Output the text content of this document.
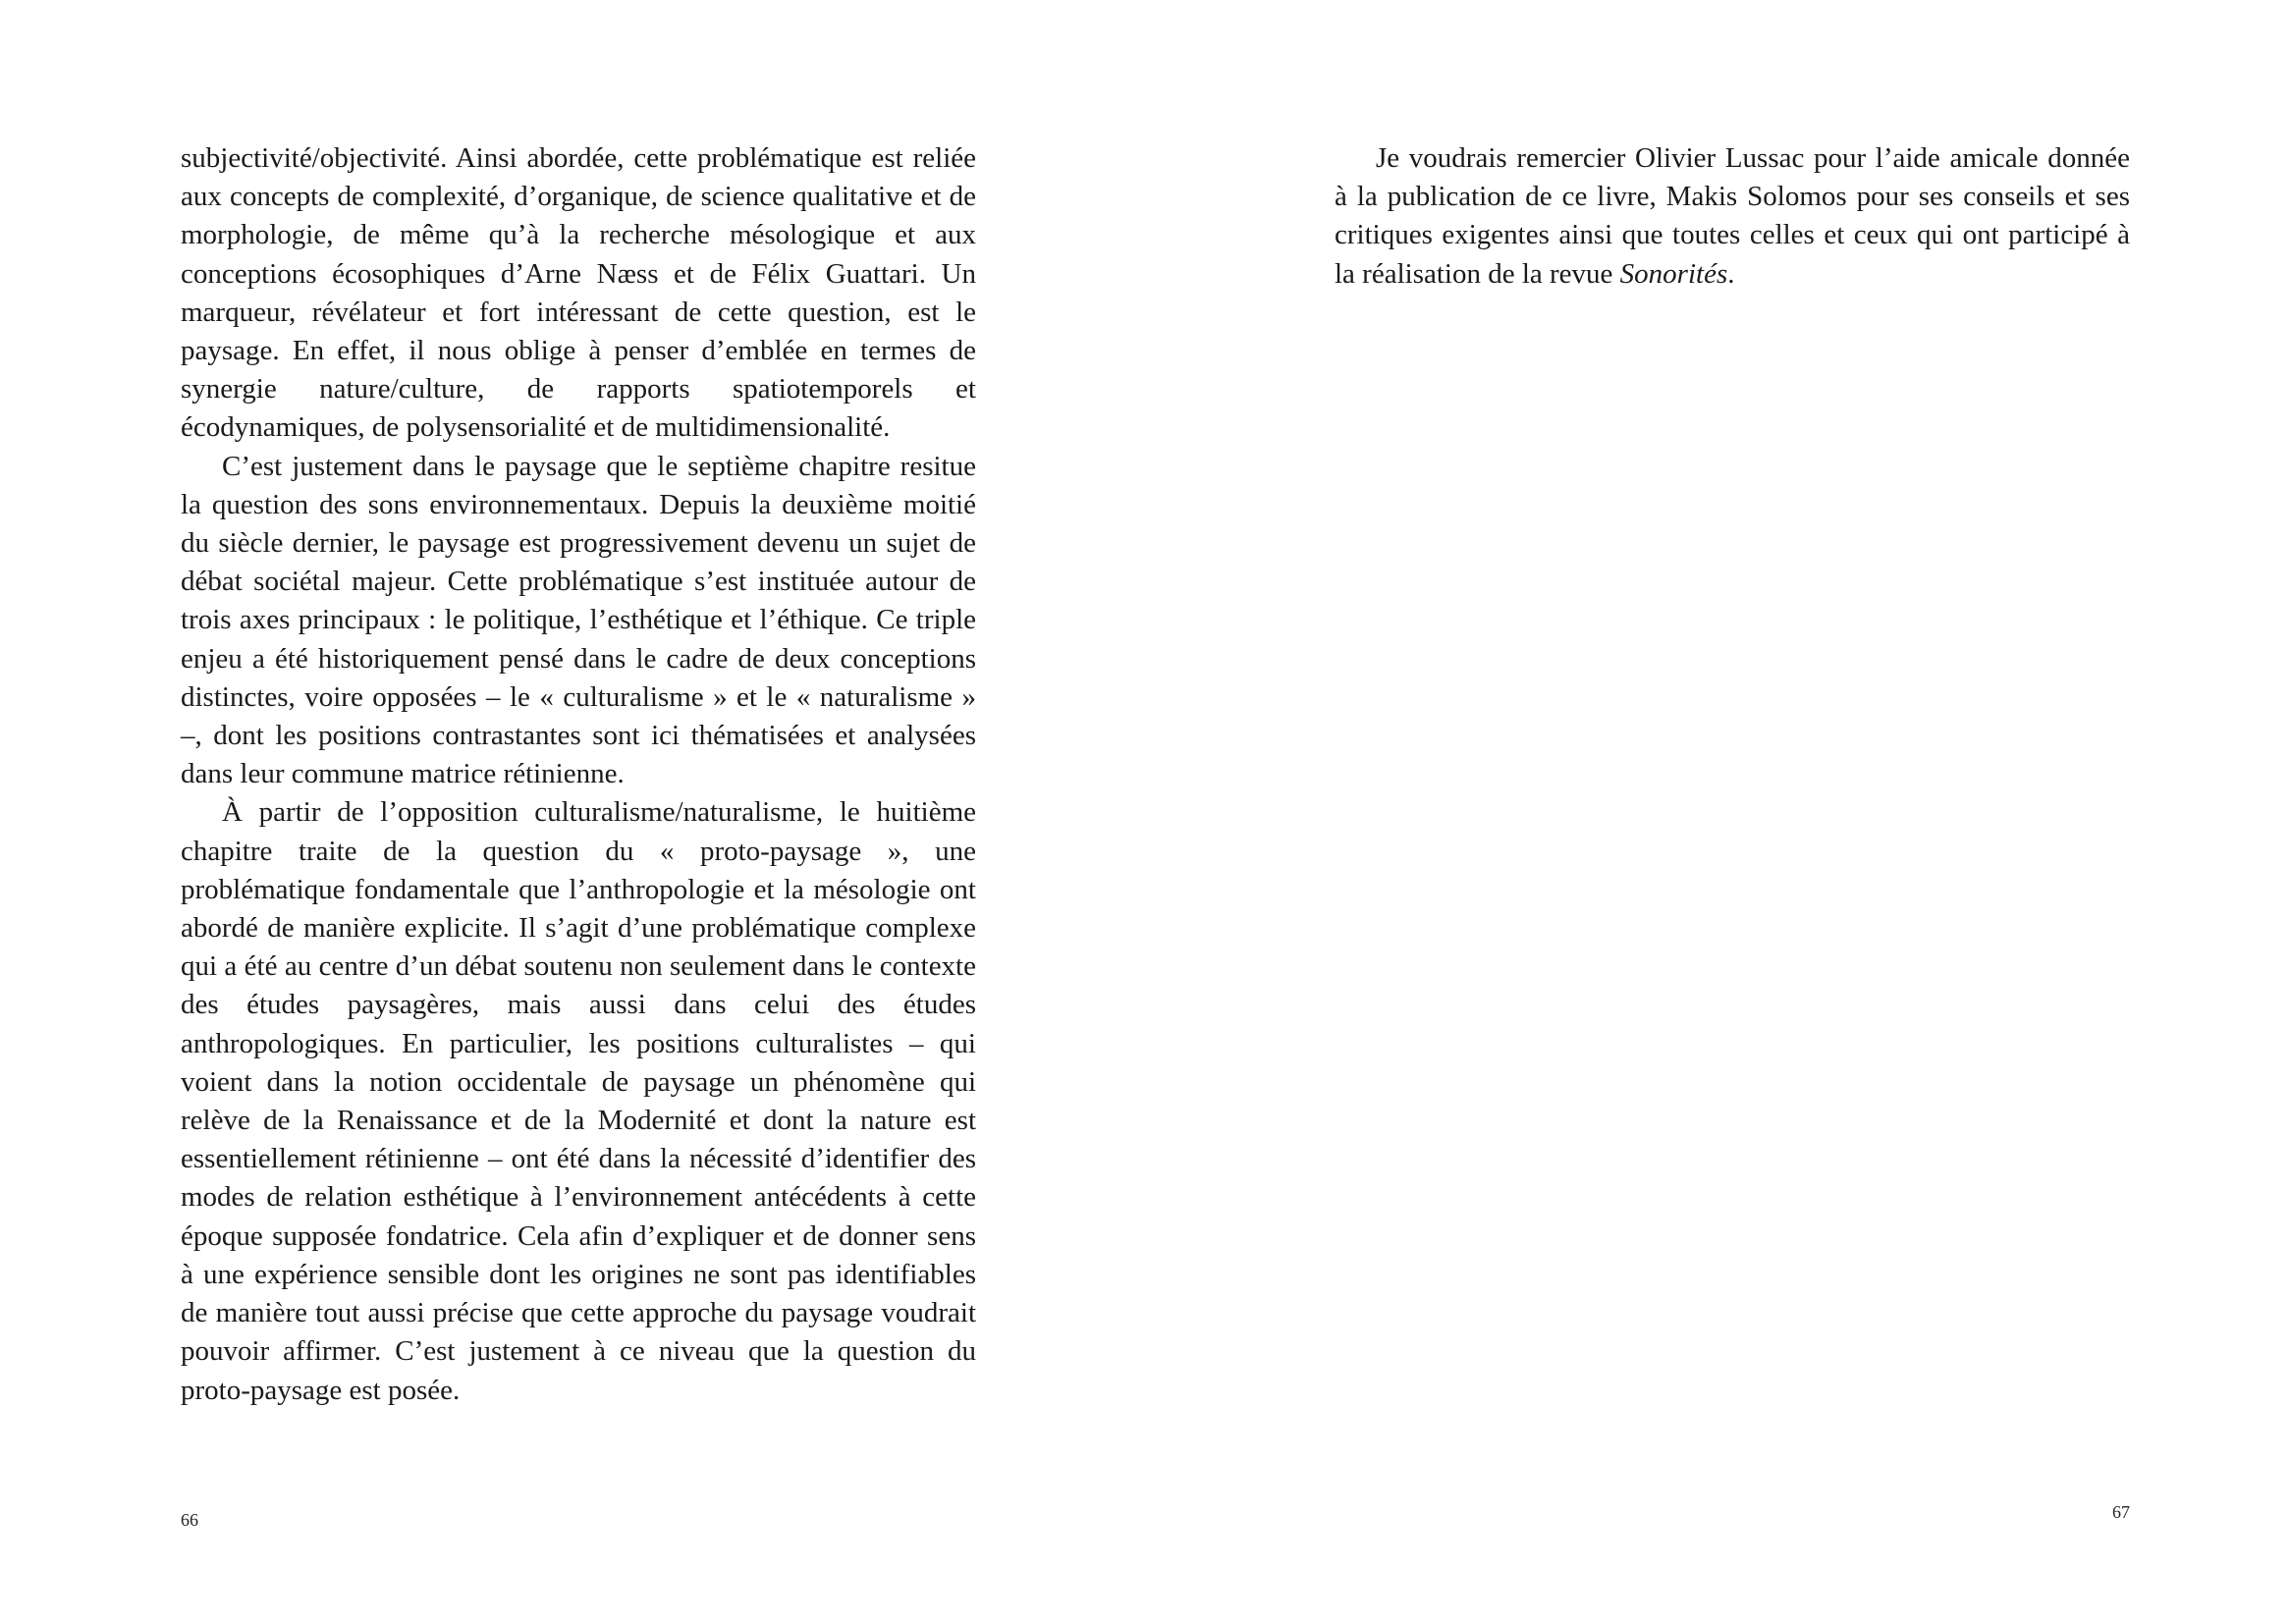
subjectivité/objectivité. Ainsi abordée, cette problématique est reliée aux concepts de complexité, d’organique, de science qualitative et de morphologie, de même qu’à la recherche mésologique et aux conceptions écosophiques d’Arne Næss et de Félix Guattari. Un marqueur, révélateur et fort intéressant de cette question, est le paysage. En effet, il nous oblige à penser d’emblée en termes de synergie nature/culture, de rapports spatiotemporels et écodynamiques, de polysensorialité et de multidimensionalité.

C’est justement dans le paysage que le septième chapitre resitue la question des sons environnementaux. Depuis la deuxième moitié du siècle dernier, le paysage est progressivement devenu un sujet de débat sociétal majeur. Cette problématique s’est instituée autour de trois axes principaux : le politique, l’esthétique et l’éthique. Ce triple enjeu a été historiquement pensé dans le cadre de deux conceptions distinctes, voire opposées – le « culturalisme » et le « naturalisme » –, dont les positions contrastantes sont ici thématisées et analysées dans leur commune matrice rétinienne.

À partir de l’opposition culturalisme/naturalisme, le huitième chapitre traite de la question du « proto-paysage », une problématique fondamentale que l’anthropologie et la mésologie ont abordé de manière explicite. Il s’agit d’une problématique complexe qui a été au centre d’un débat soutenu non seulement dans le contexte des études paysagères, mais aussi dans celui des études anthropologiques. En particulier, les positions culturalistes – qui voient dans la notion occidentale de paysage un phénomène qui relève de la Renaissance et de la Modernité et dont la nature est essentiellement rétinienne – ont été dans la nécessité d’identifier des modes de relation esthétique à l’environnement antécédents à cette époque supposée fondatrice. Cela afin d’expliquer et de donner sens à une expérience sensible dont les origines ne sont pas identifiables de manière tout aussi précise que cette approche du paysage voudrait pouvoir affirmer. C’est justement à ce niveau que la question du proto-paysage est posée.

66

Je voudrais remercier Olivier Lussac pour l’aide amicale donnée à la publication de ce livre, Makis Solomos pour ses conseils et ses critiques exigentes ainsi que toutes celles et ceux qui ont participé à la réalisation de la revue Sonorités.

67
